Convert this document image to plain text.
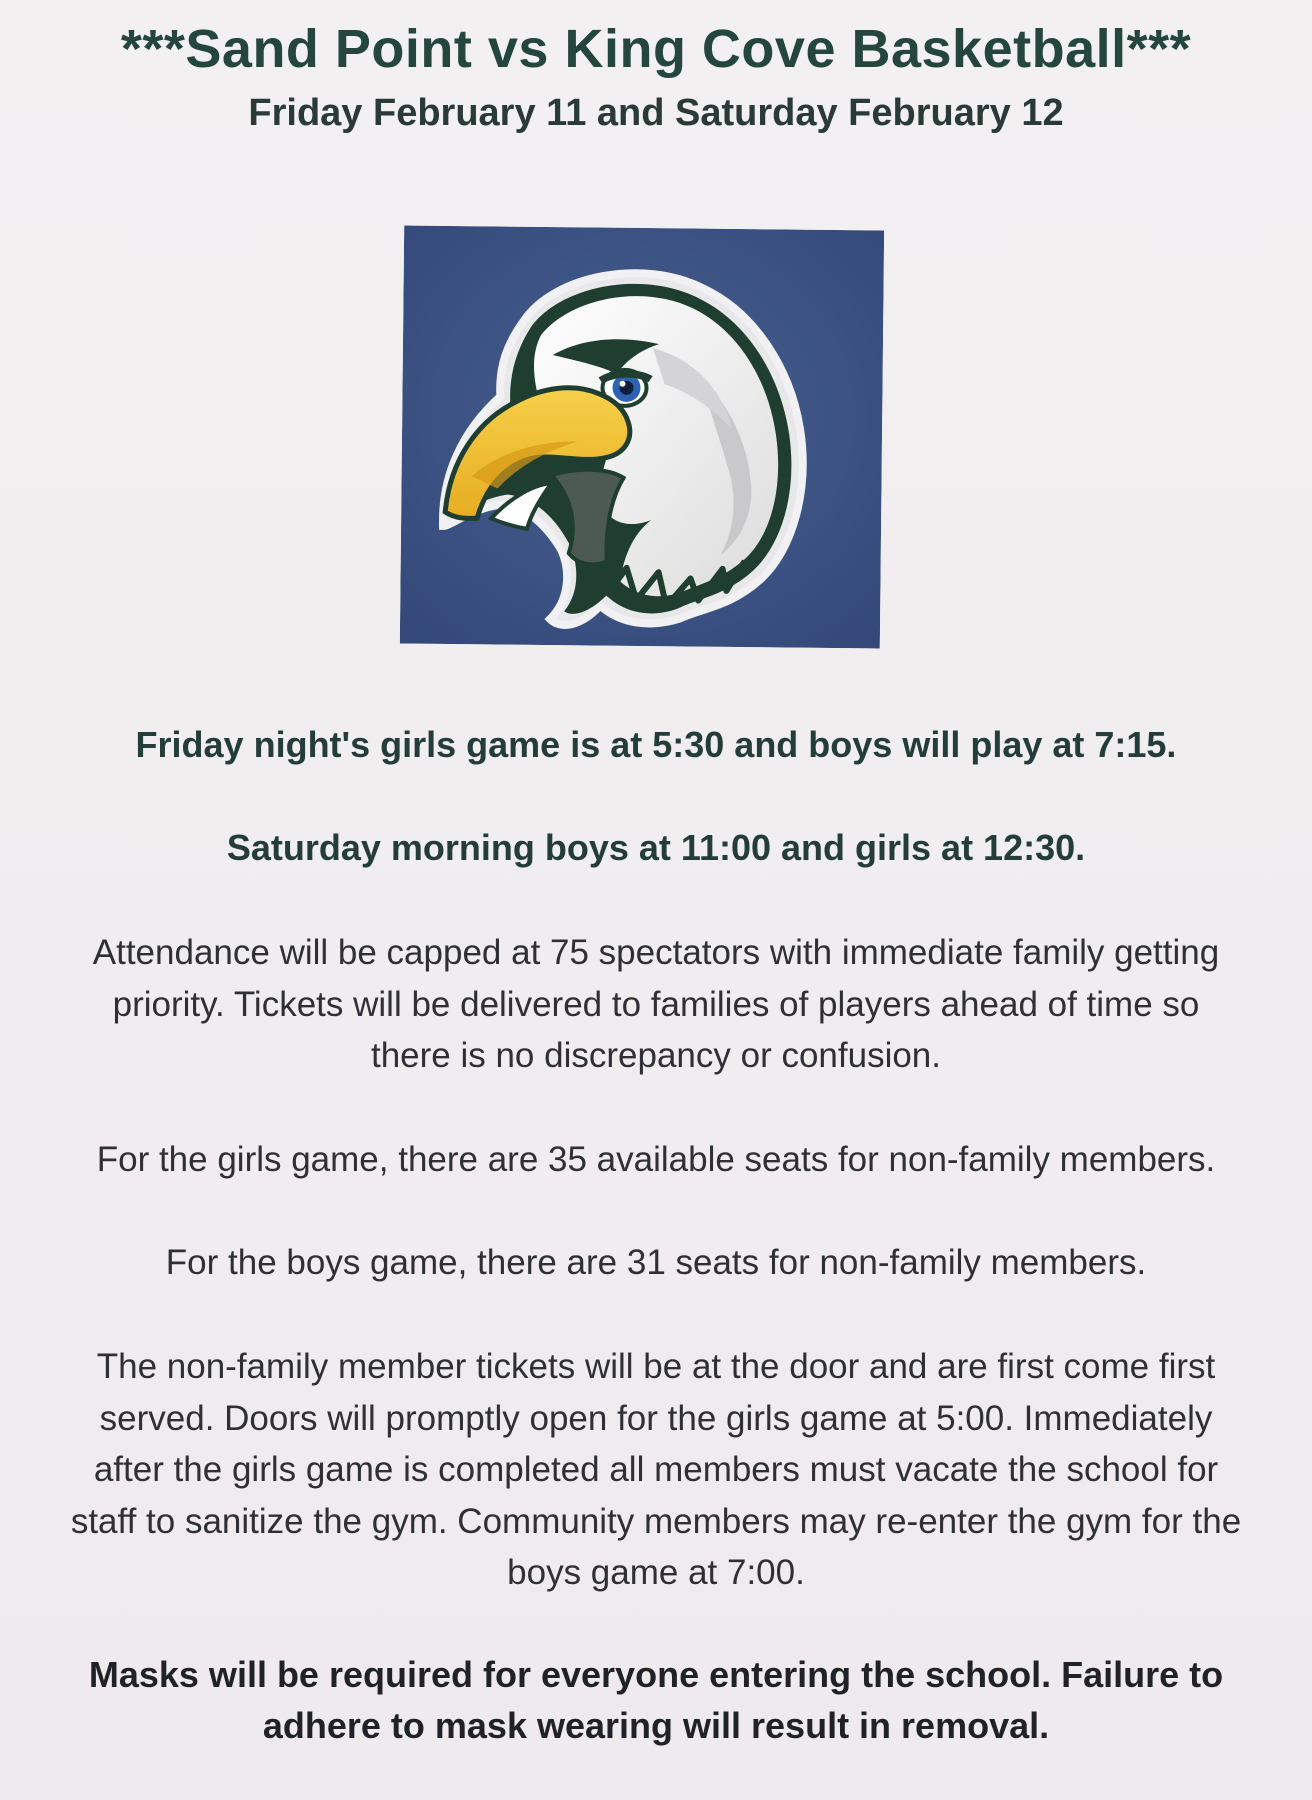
***Sand Point vs King Cove Basketball***
Friday February 11 and Saturday February 12
Friday night's girls game is at 5:30 and boys will play at 7:15.
Saturday morning boys at 11:00 and girls at 12:30.
Attendance will be capped at 75 spectators with immediate family getting
priority. Tickets will be delivered to families of players ahead of time so
there is no discrepancy or confusion.
For the girls game, there are 35 available seats for non-family members.
For the boys game, there are 31 seats for non-family members.
The non-family member tickets will be at the door and are first come first
served. Doors will promptly open for the girls game at 5:00. Immediately
after the girls game is completed all members must vacate the school for
staff to sanitize the gym. Community members may re-enter the gym for the
boys game at 7:00.
Masks will be required for everyone entering the school. Failure to
adhere to mask wearing will result in removal.
